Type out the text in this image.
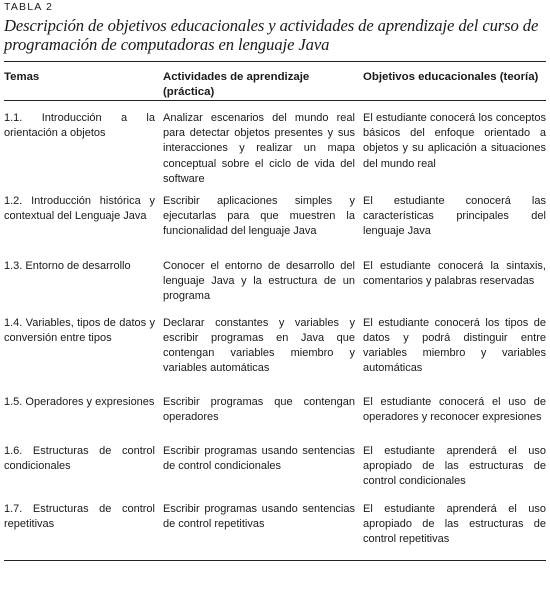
TABLA 2
Descripción de objetivos educacionales y actividades de aprendizaje del curso de programación de computadoras en lenguaje Java
Temas	Actividades de aprendizaje (práctica)	Objetivos educacionales (teoría)
1.1. Introducción a la orientación a objetos	Analizar escenarios del mundo real para detectar objetos presentes y sus interacciones y realizar un mapa conceptual sobre el ciclo de vida del software	El estudiante conocerá los conceptos básicos del enfoque orientado a objetos y su aplicación a situaciones del mundo real
1.2. Introducción histórica y contextual del Lenguaje Java	Escribir aplicaciones simples y ejecutarlas para que muestren la funcionalidad del lenguaje Java	El estudiante conocerá las características principales del lenguaje Java
1.3. Entorno de desarrollo	Conocer el entorno de desarrollo del lenguaje Java y la estructura de un programa	El estudiante conocerá la sintaxis, comentarios y palabras reservadas
1.4. Variables, tipos de datos y conversión entre tipos	Declarar constantes y variables y escribir programas en Java que contengan variables miembro y variables automáticas	El estudiante conocerá los tipos de datos y podrá distinguir entre variables miembro y variables automáticas
1.5. Operadores y expresiones	Escribir programas que contengan operadores	El estudiante conocerá el uso de operadores y reconocer expresiones
1.6. Estructuras de control condicionales	Escribir programas usando sentencias de control condicionales	El estudiante aprenderá el uso apropiado de las estructuras de control condicionales
1.7. Estructuras de control repetitivas	Escribir programas usando sentencias de control repetitivas	El estudiante aprenderá el uso apropiado de las estructuras de control repetitivas
